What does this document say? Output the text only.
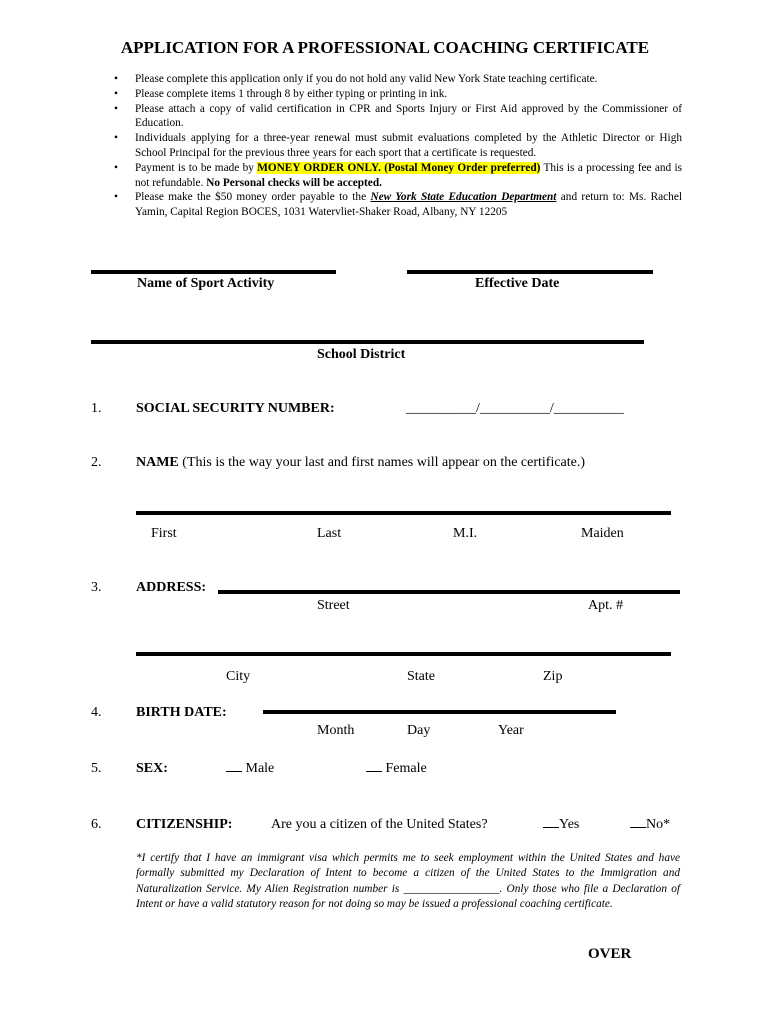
APPLICATION FOR A PROFESSIONAL COACHING CERTIFICATE
• Please complete this application only if you do not hold any valid New York State teaching certificate.
• Please complete items 1 through 8 by either typing or printing in ink.
• Please attach a copy of valid certification in CPR and Sports Injury or First Aid approved by the Commissioner of Education.
• Individuals applying for a three-year renewal must submit evaluations completed by the Athletic Director or High School Principal for the previous three years for each sport that a certificate is requested.
• Payment is to be made by MONEY ORDER ONLY. (Postal Money Order preferred) This is a processing fee and is not refundable. No Personal checks will be accepted.
• Please make the $50 money order payable to the New York State Education Department and return to: Ms. Rachel Yamin, Capital Region BOCES, 1031 Watervliet-Shaker Road, Albany, NY 12205
Name of Sport Activity	Effective Date
School District
1. SOCIAL SECURITY NUMBER:	__________/__________/__________
2. NAME (This is the way your last and first names will appear on the certificate.)
First	Last	M.I.	Maiden
3. ADDRESS:
Street	Apt. #
City	State	Zip
4. BIRTH DATE:
Month	Day	Year
5. SEX:	Male	Female
6. CITIZENSHIP:	Are you a citizen of the United States?	Yes	No*
*I certify that I have an immigrant visa which permits me to seek employment within the United States and have formally submitted my Declaration of Intent to become a citizen of the United States to the Immigration and Naturalization Service. My Alien Registration number is _________________. Only those who file a Declaration of Intent or have a valid statutory reason for not doing so may be issued a professional coaching certificate.
OVER
